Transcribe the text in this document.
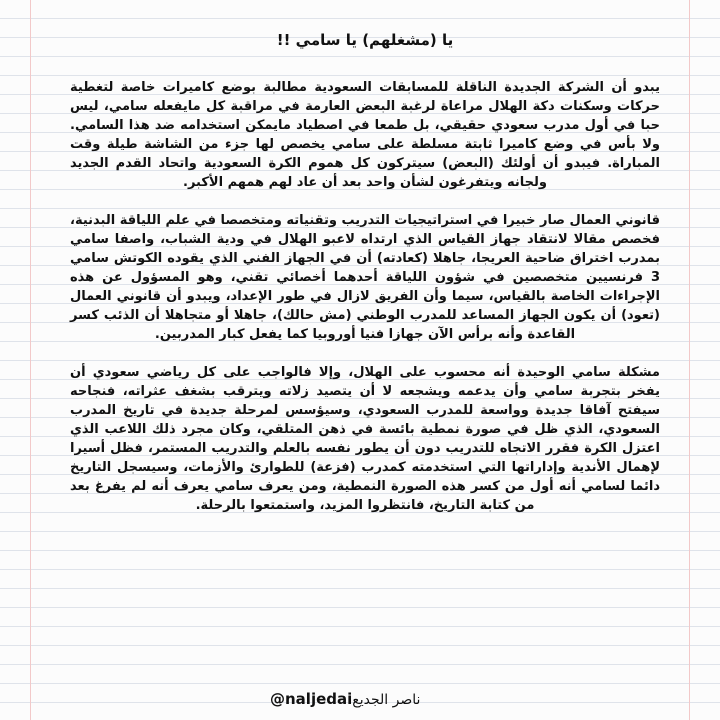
يا (مشغلهم) يا سامي !!

يبدو أن الشركة الجديدة الناقلة للمسابقات السعودية مطالبة بوضع كاميرات خاصة لتغطية حركات وسكنات دكة الهلال مراعاة لرغبة البعض العارمة في مراقبة كل مايفعله سامي، ليس حبا في أول مدرب سعودي حقيقي، بل طمعا في اصطياد مايمكن استخدامه ضد هذا السامي. ولا بأس في وضع كاميرا ثابتة مسلطة على سامي يخصص لها جزء من الشاشة طيلة وقت المباراة. فيبدو أن أولئك (البعض) سيتركون كل هموم الكرة السعودية واتحاد القدم الجديد ولجانه ويتفرغون لشأن واحد بعد أن عاد لهم همهم الأكبر.

قانوني العمال صار خبيرا في استراتيجيات التدريب وتقنياته ومتخصصا في علم اللياقة البدنية، فخصص مقالا لانتقاد جهاز القياس الذي ارتداه لاعبو الهلال في ودية الشباب، واصفا سامي بمدرب اختراق ضاحية العريجا، جاهلا (كعادته) أن في الجهاز الفني الذي يقوده الكوتش سامي 3 فرنسيين متخصصين في شؤون اللياقة أحدهما أخصائي تقني، وهو المسؤول عن هذه الإجراءات الخاصة بالقياس، سيما وأن الفريق لازال في طور الإعداد، ويبدو أن قانوني العمال (تعود) أن يكون الجهاز المساعد للمدرب الوطني (مش حالك)، جاهلا أو متجاهلا أن الذئب كسر القاعدة وأنه برأس الآن جهازا فنيا أوروبيا كما يفعل كبار المدربين.

مشكلة سامي الوحيدة أنه محسوب على الهلال، وإلا فالواجب على كل رياضي سعودي أن يفخر بتجربة سامي وأن يدعمه ويشجعه لا أن يتصيد زلاته ويترقب بشغف عثراته، فنجاحه سيفتح آفاقا جديدة وواسعة للمدرب السعودي، وسيؤسس لمرحلة جديدة في تاريخ المدرب السعودي، الذي ظل في صورة نمطية بائسة في ذهن المتلقي، وكان مجرد ذلك اللاعب الذي اعتزل الكرة فقرر الاتجاه للتدريب دون أن يطور نفسه بالعلم والتدريب المستمر، فظل أسيرا لإهمال الأندية وإداراتها التي استخدمته كمدرب (فزعة) للطوارئ والأزمات، وسيسجل التاريخ دائما لسامي أنه أول من كسر هذه الصورة النمطية، ومن يعرف سامي يعرف أنه لم يفرغ بعد من كتابة التاريخ، فانتظروا المزيد، واستمتعوا بالرحلة.

ناصر الجديع@naljedai
